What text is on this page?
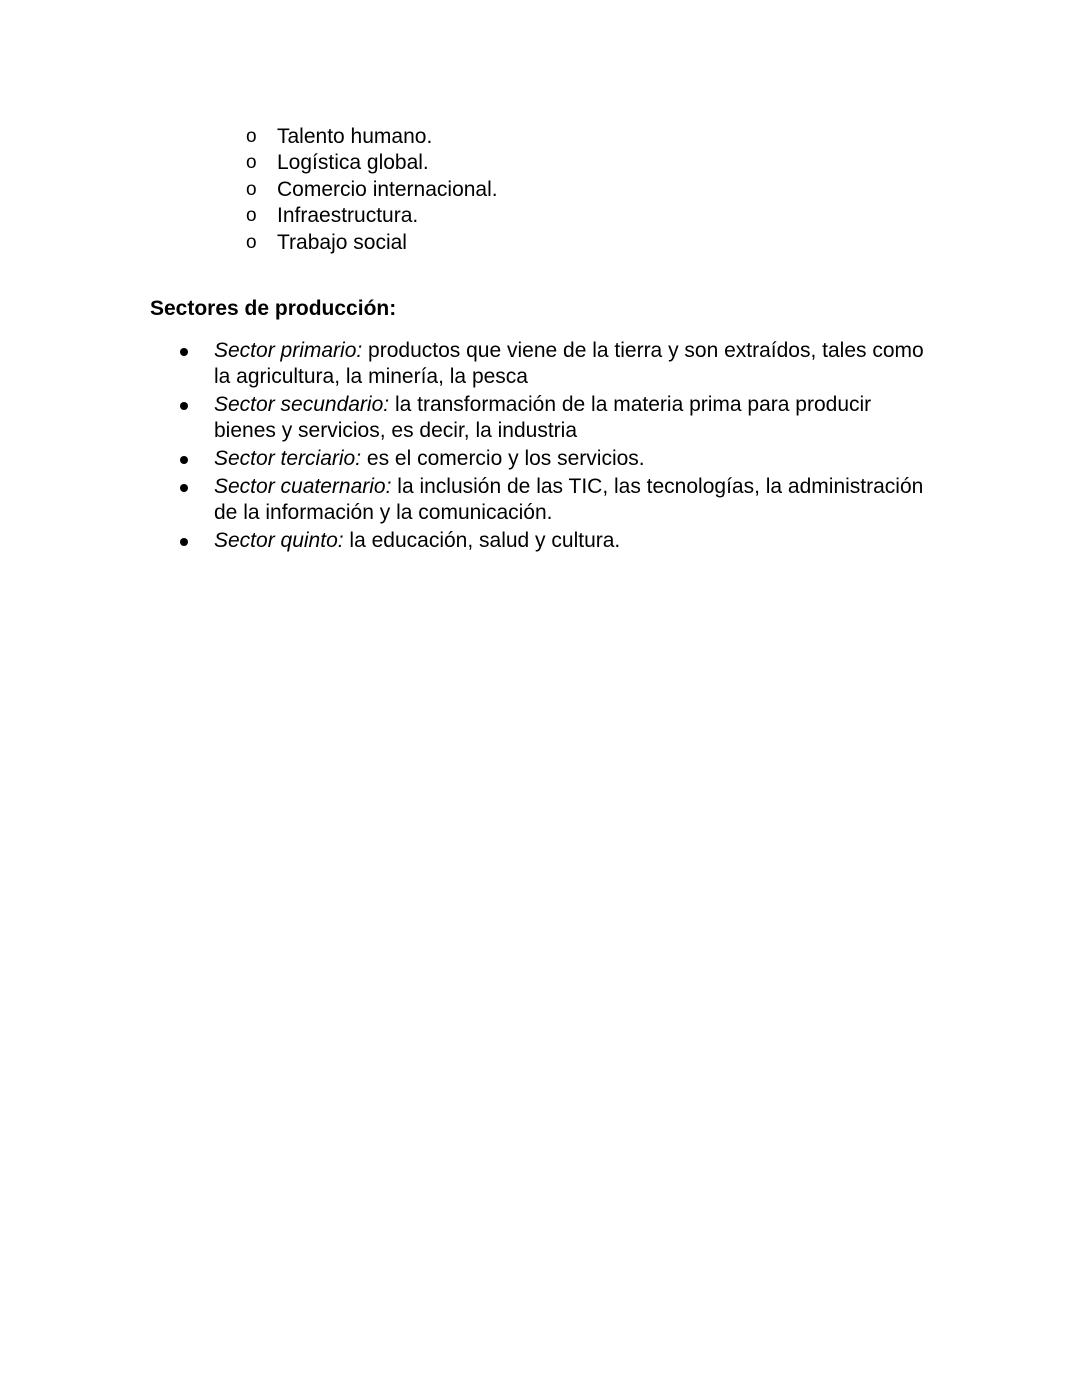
o Talento humano.
o Logística global.
o Comercio internacional.
o Infraestructura.
o Trabajo social
Sectores de producción:
Sector primario: productos que viene de la tierra y son extraídos, tales como la agricultura, la minería, la pesca
Sector secundario: la transformación de la materia prima para producir bienes y servicios, es decir, la industria
Sector terciario: es el comercio y los servicios.
Sector cuaternario: la inclusión de las TIC, las tecnologías, la administración de la información y la comunicación.
Sector quinto: la educación, salud y cultura.
